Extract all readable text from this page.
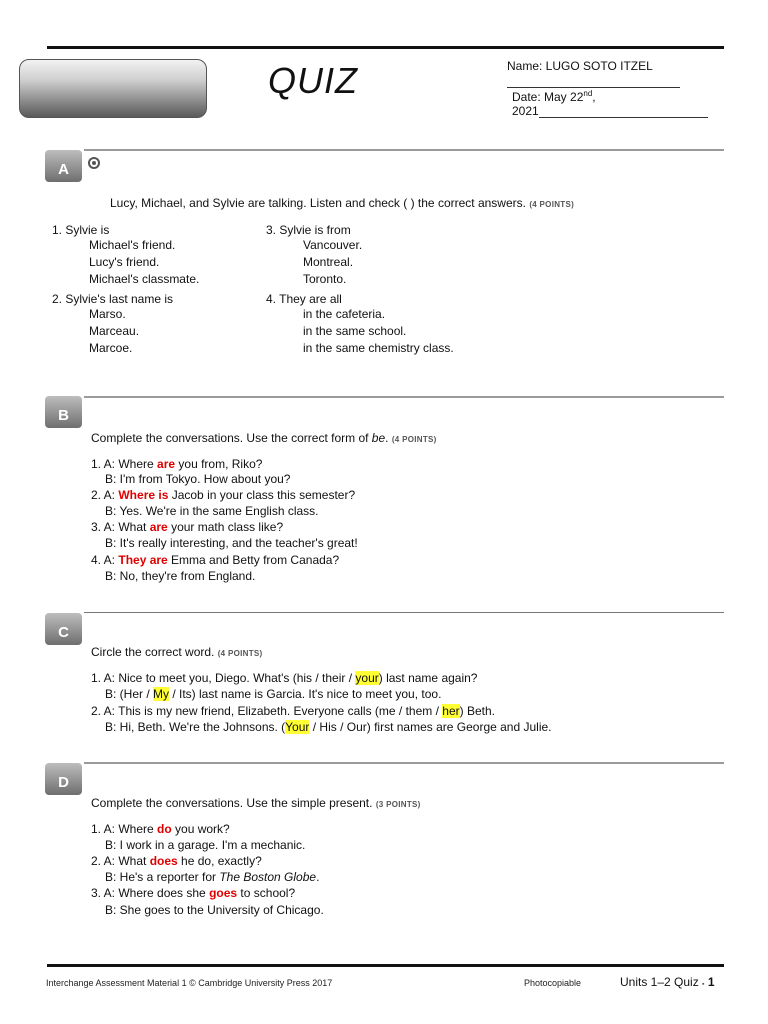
QUIZ	Name: LUGO SOTO ITZEL
Date: May 22nd,
2021
A
Lucy, Michael, and Sylvie are talking. Listen and check ( ) the correct answers. (4 POINTS)
1. Sylvie is
Michael's friend.
Lucy's friend.
Michael's classmate.
2. Sylvie's last name is
Marso.
Marceau.
Marcoe.
3. Sylvie is from
Vancouver.
Montreal.
Toronto.
4. They are all
in the cafeteria.
in the same school.
in the same chemistry class.
B
Complete the conversations. Use the correct form of be. (4 POINTS)
1. A: Where are you from, Riko?
B: I'm from Tokyo. How about you?
2. A: Where is Jacob in your class this semester?
B: Yes. We're in the same English class.
3. A: What are your math class like?
B: It's really interesting, and the teacher's great!
4. A: They are Emma and Betty from Canada?
B: No, they're from England.
C
Circle the correct word. (4 POINTS)
1. A: Nice to meet you, Diego. What's (his / their / your) last name again?
B: (Her / My / Its) last name is Garcia. It's nice to meet you, too.
2. A: This is my new friend, Elizabeth. Everyone calls (me / them / her) Beth.
B: Hi, Beth. We're the Johnsons. (Your / His / Our) first names are George and Julie.
D
Complete the conversations. Use the simple present. (3 POINTS)
1. A: Where do you work?
B: I work in a garage. I'm a mechanic.
2. A: What does he do, exactly?
B: He's a reporter for The Boston Globe.
3. A: Where does she goes to school?
B: She goes to the University of Chicago.
Interchange Assessment Material 1 © Cambridge University Press 2017	Photocopiable	Units 1–2 Quiz ▪ 1
